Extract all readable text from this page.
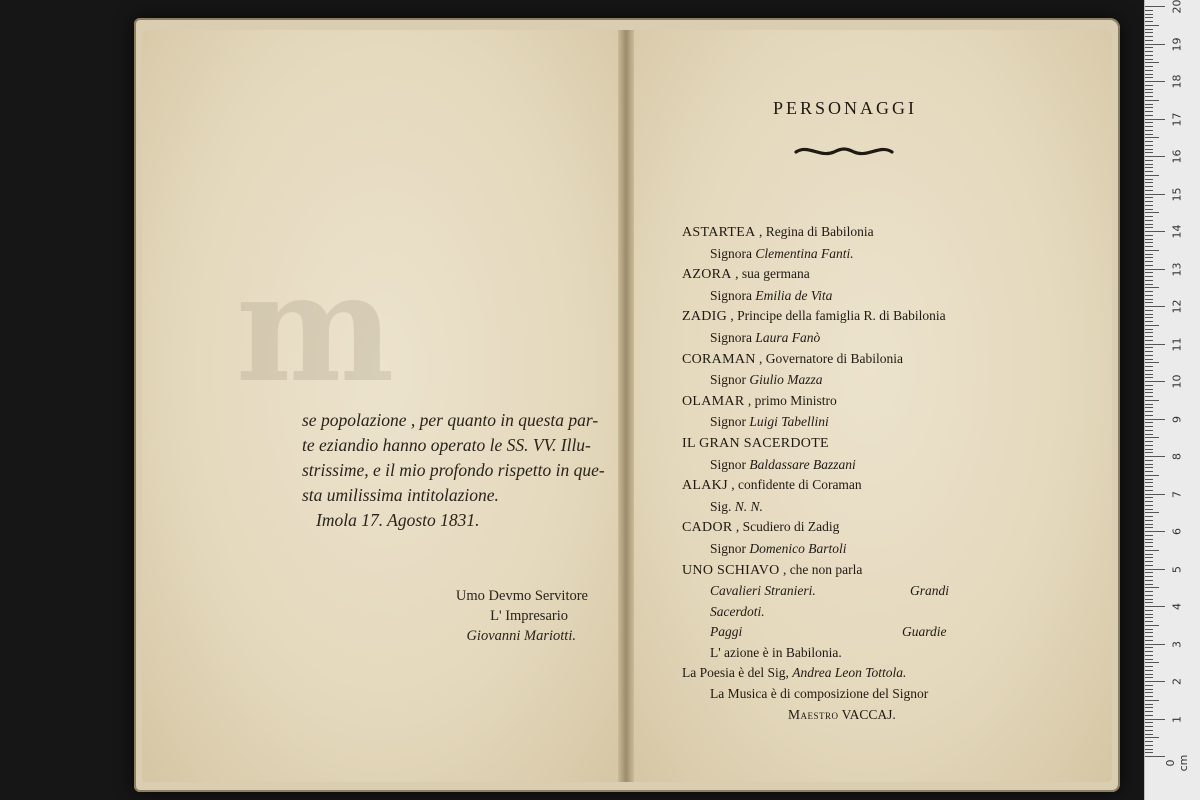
m
se popolazione , per quanto in questa par-
te eziandio hanno operato le SS. VV. Illu-
strissime, e il mio profondo rispetto in que-
sta umilissima intitolazione.
Imola 17. Agosto 1831.
Umo Devmo Servitore
L' Impresario
Giovanni Mariotti.
PERSONAGGI
ASTARTEA , Regina di Babilonia
Signora Clementina Fanti.
AZORA , sua germana
Signora Emilia de Vita
ZADIG , Principe della famiglia R. di Babilonia
Signora Laura Fanò
CORAMAN , Governatore di Babilonia
Signor Giulio Mazza
OLAMAR , primo Ministro
Signor Luigi Tabellini
IL GRAN SACERDOTE
Signor Baldassare Bazzani
ALAKJ , confidente di Coraman
Sig. N. N.
CADOR , Scudiero di Zadig
Signor Domenico Bartoli
UNO SCHIAVO , che non parla
Cavalieri Stranieri.	Grandi
Sacerdoti.
Paggi	Guardie
L' azione è in Babilonia.
La Poesia è del Sig, Andrea Leon Tottola.
La Musica è di composizione del Signor
Maestro VACCAJ.
20
19
18
17
16
15
14
13
12
11
10
9
8
7
6
5
4
3
2
1
0 cm
